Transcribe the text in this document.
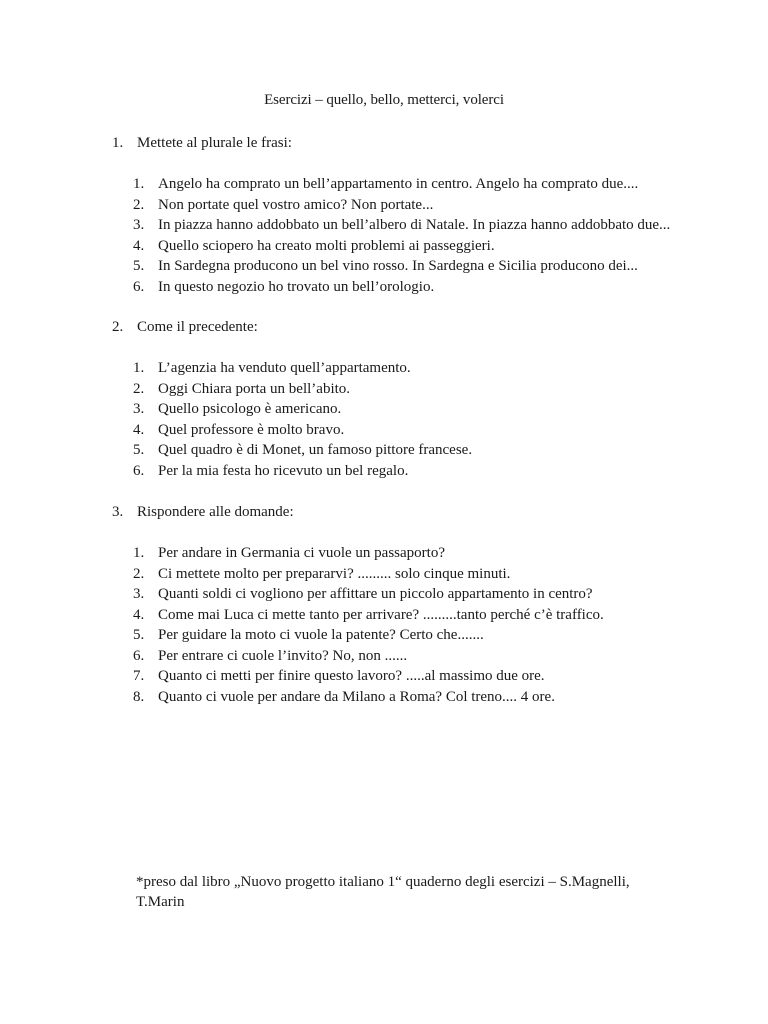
Esercizi – quello, bello, metterci, volerci
1. Mettete al plurale le frasi:
1. Angelo ha comprato un bell’appartamento in centro. Angelo ha comprato due....
2. Non portate quel vostro amico? Non portate...
3. In piazza hanno addobbato un bell’albero di Natale. In piazza hanno addobbato due...
4. Quello sciopero ha creato molti problemi ai passeggieri.
5. In Sardegna producono un bel vino rosso. In Sardegna e Sicilia producono dei...
6. In questo negozio ho trovato un bell’orologio.
2. Come il precedente:
1. L’agenzia ha venduto quell’appartamento.
2. Oggi Chiara porta un bell’abito.
3. Quello psicologo è americano.
4. Quel professore è molto bravo.
5. Quel quadro è di Monet, un famoso pittore francese.
6. Per la mia festa ho ricevuto un bel regalo.
3. Rispondere alle domande:
1. Per andare in Germania ci vuole un passaporto?
2. Ci mettete molto per prepararvi? ......... solo cinque minuti.
3. Quanti soldi ci vogliono per affittare un piccolo appartamento in centro?
4. Come mai Luca ci mette tanto per arrivare? .........tanto perché c’è traffico.
5. Per guidare la moto ci vuole la patente? Certo che.......
6. Per entrare ci cuole l’invito? No, non ......
7. Quanto ci metti per finire questo lavoro? .....al massimo due ore.
8. Quanto ci vuole per andare da Milano a Roma? Col treno.... 4 ore.
*preso dal libro „Nuovo progetto italiano 1“ quaderno degli esercizi – S.Magnelli, T.Marin
